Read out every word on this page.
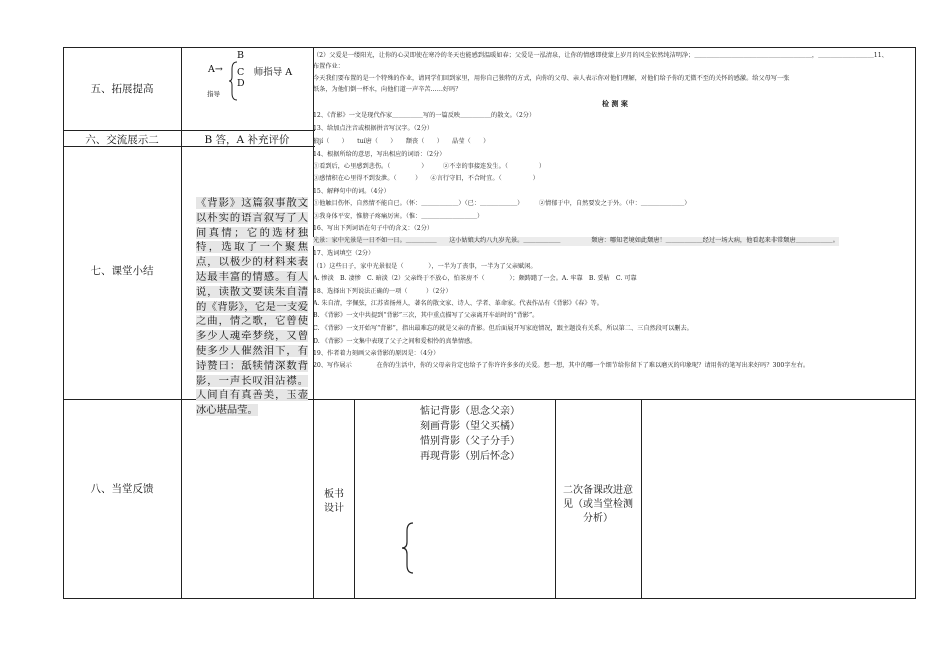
五、拓展提高
B
A→ C　师指导 A
指导
D
六、交流展示二	B 答，A 补充评价
七、课堂小结
《背影》这篇叙事散文以朴实的语言叙写了人间真情；它的选材独特，选取了一个聚焦点，以极少的材料来表达最丰富的情感。有人说，读散文要读朱自清的《背影》，它是一支爱之曲，情之歌，它曾使多少人魂牵梦绕，又曾使多少人催然泪下，有诗赞曰：舐犊情深数背影，一声长叹泪沾襟。人间自有真善美，玉壶冰心堪品莹。
八、当堂反馈	板书设计
惦记背影（思念父亲）
刻画背影（望父买橘）
惜别背影（父子分手）
再现背影（别后怀念）
二次备课改进意见（或当堂检测分析）
（2）父爱是一缕阳光，让你的心灵即使在寒冷的冬天也能感到温暖如春；父爱是一泓清泉，让你的情感即使蒙上岁月的风尘依然纯洁明净；＿＿＿＿＿＿＿＿＿＿＿＿＿＿＿＿＿＿＿，＿＿＿＿＿＿＿＿＿11、
布置作业：
今天我们要布置的是一个特殊的作业，请同学们回到家里，用你自己独特的方式，向你的父母、亲人表示你对他们理解，对他们给予你的无微不至的关怀的感激。给父母写一张
纸条，为他们倒一杯水，向他们道一声辛苦……好吗？
检 测 案
12、《背影》一文是现代作家＿＿＿＿＿写的一篇反映＿＿＿＿＿的散文。（2分）
13、给加点注音或根据拼音写汉字。（2分）
狼jí（　　）　　tuí唐（　　）　　颓丧（　　）　　晶莹（　　）
14、根据所给的意思，写出相应的词语：（2分）
①看到后，心里感到悲伤。（　　　　　）　　　②不幸的事接连发生。（　　　　　）
③感情积在心里得不到发泄。（　　　）　　④言行守旧，不合时宜。（　　　　　）
15、解释句中的词。（4分）
①他触目伤怀，自然情不能自已。（怀：＿＿＿＿＿＿）（已：＿＿＿＿＿＿）　　　②情郁于中，自然要发之于外。（中：＿＿＿＿＿＿＿）
③我身体平安，惟膀子疼痛厉害。（惟：＿＿＿＿＿＿＿＿＿）
16、写出下列词语在句子中的含义：（2分）
光景：家中光景是一日不如一日。＿＿＿＿＿　　这小姑娘大约八九岁光景。＿＿＿＿＿＿　　　　　颓唐：哪知老境如此颓唐！＿＿＿＿＿＿经过一场大病，他看起来非常颓唐＿＿＿＿＿＿。
17、选词填空（2分）
（1）这些日子，家中光景很是（　　　　），一半为了丧事，一半为了父亲赋闲。
A. 惨淡　B. 凄惨　C. 暗淡（2）父亲终于不放心，怕茶房不（　　　　）；颇踌躇了一会。A. 牢靠　B. 妥帖　C. 可靠
18、选择出下列说法正确的一项（　　　）（2分）
A. 朱自清，字佩弦，江苏省扬州人，著名的散文家、诗人、学者、革命家。代表作品有《背影》《春》等。
B. 《背影》一文中共提到“背影”三次，其中重点描写了父亲离开车站时的“背影”。
C. 《背影》一文开始写“背影”，指出最难忘的就是父亲的背影。但后面展开写家庭情况，跟主题没有关系，所以第二、三自然段可以删去。
D. 《背影》一文集中表现了父子之间和爱相怜的真挚情感。
19、作者着力刻画父亲背影的原因是：（4分）
20、写作展示　　　　在你的生活中，你的父母亲肯定也给予了你许许多多的关爱。想一想，其中的哪一个细节给你留下了难以磨灭的印象呢？请用你的笔写出来好吗？300字左右。
